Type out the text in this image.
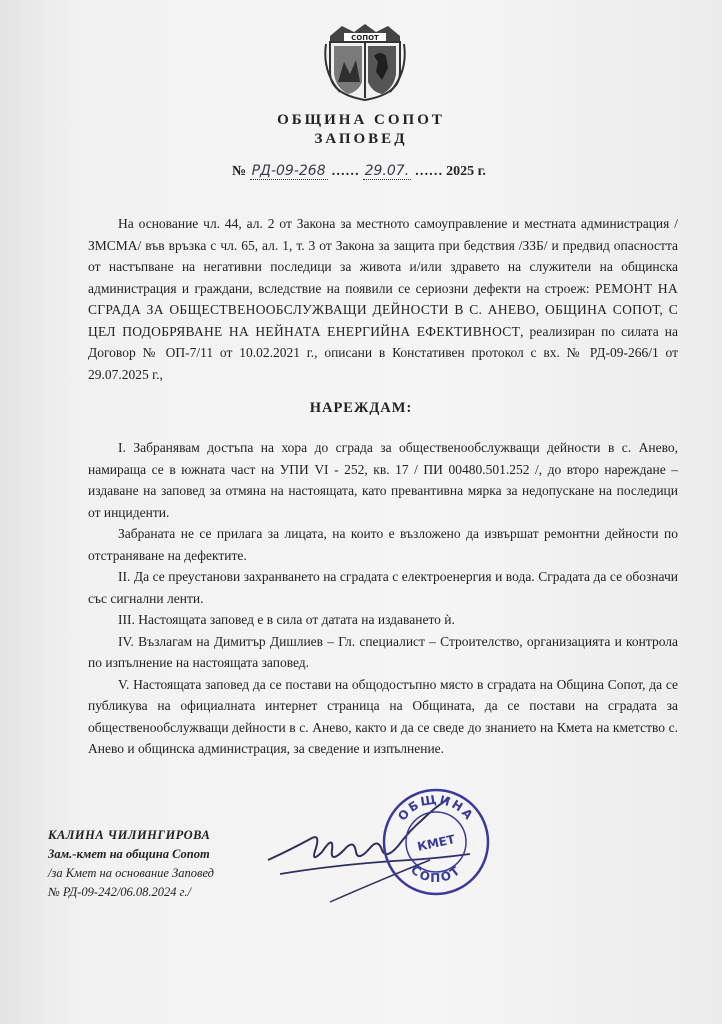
СОПОТ
ОБЩИНА СОПОТ
ЗАПОВЕД
№ РД-09-268 …… 29.07. …… 2025 г.
На основание чл. 44, ал. 2 от Закона за местното самоуправление и местната администрация /ЗМСМА/ във връзка с чл. 65, ал. 1, т. 3 от Закона за защита при бедствия /ЗЗБ/ и предвид опасността от настъпване на негативни последици за живота и/или здравето на служители на общинска администрация и граждани, вследствие на появили се сериозни дефекти на строеж: РЕМОНТ НА СГРАДА ЗА ОБЩЕСТВЕНООБСЛУЖВАЩИ ДЕЙНОСТИ В С. АНЕВО, ОБЩИНА СОПОТ, С ЦЕЛ ПОДОБРЯВАНЕ НА НЕЙНАТА ЕНЕРГИЙНА ЕФЕКТИВНОСТ, реализиран по силата на Договор № ОП-7/11 от 10.02.2021 г., описани в Констативен протокол с вх. № РД-09-266/1 от 29.07.2025 г.,
НАРЕЖДАМ:

I. Забранявам достъпа на хора до сграда за общественообслужващи дейности в с. Анево, намираща се в южната част на УПИ VI - 252, кв. 17 / ПИ 00480.501.252 /, до второ нареждане – издаване на заповед за отмяна на настоящата, като превантивна мярка за недопускане на последици от инциденти.

Забраната не се прилага за лицата, на които е възложено да извършат ремонтни дейности по отстраняване на дефектите.

II. Да се преустанови захранването на сградата с електроенергия и вода. Сградата да се обозначи със сигнални ленти.

III. Настоящата заповед е в сила от датата на издаването ѝ.

IV. Възлагам на Димитър Дишлиев – Гл. специалист – Строителство, организацията и контрола по изпълнение на настоящата заповед.

V. Настоящата заповед да се постави на общодостъпно място в сградата на Община Сопот, да се публикува на официалната интернет страница на Общината, да се постави на сградата за общественообслужващи дейности в с. Анево, както и да се сведе до знанието на Кмета на кметство с. Анево и общинска администрация, за сведение и изпълнение.

КАЛИНА ЧИЛИНГИРОВА
Зам.-кмет на община Сопот
/за Кмет на основание Заповед
№ РД-09-242/06.08.2024 г./
ОБЩИНА
КМЕТ
СОПОТ
